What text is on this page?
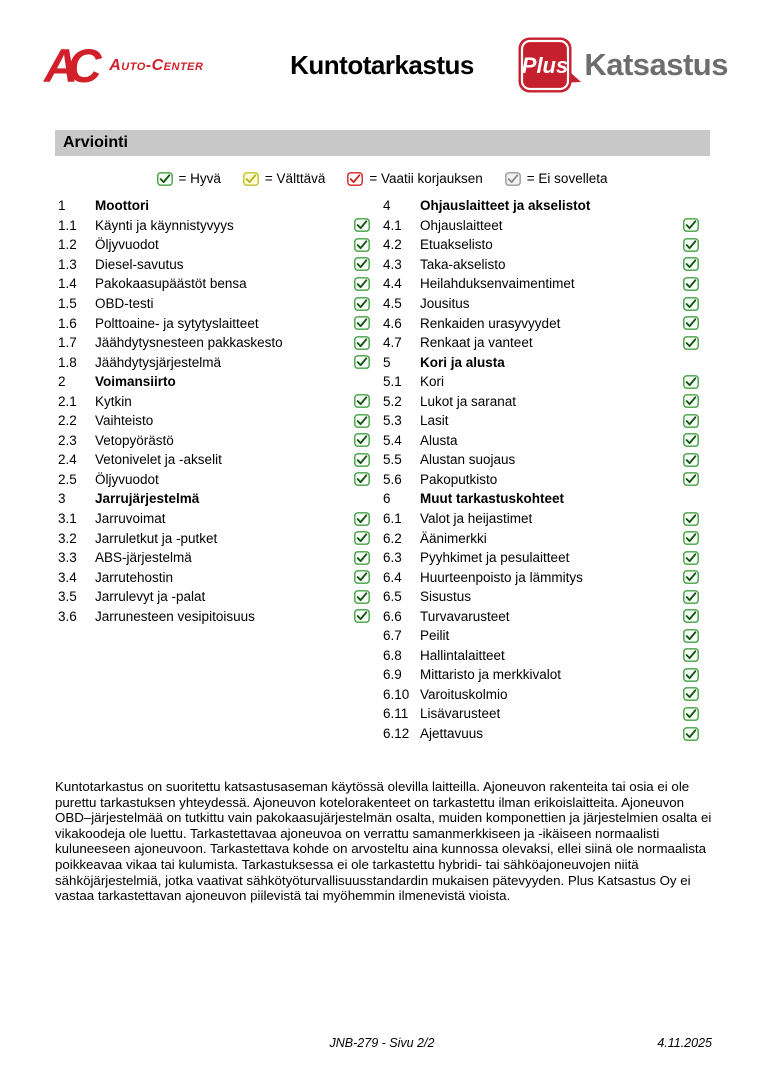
AC	Auto-Center	Kuntotarkastus	Plus Katsastus
Arviointi
= Hyvä	= Välttävä	= Vaatii korjauksen	= Ei sovelleta
1	Moottori
1.1	Käynti ja käynnistyvyys
1.2	Öljyvuodot
1.3	Diesel-savutus
1.4	Pakokaasupäästöt bensa
1.5	OBD-testi
1.6	Polttoaine- ja sytytyslaitteet
1.7	Jäähdytysnesteen pakkaskesto
1.8	Jäähdytysjärjestelmä
2	Voimansiirto
2.1	Kytkin
2.2	Vaihteisto
2.3	Vetopyörästö
2.4	Vetonivelet ja -akselit
2.5	Öljyvuodot
3	Jarrujärjestelmä
3.1	Jarruvoimat
3.2	Jarruletkut ja -putket
3.3	ABS-järjestelmä
3.4	Jarrutehostin
3.5	Jarrulevyt ja -palat
3.6	Jarrunesteen vesipitoisuus
4	Ohjauslaitteet ja akselistot
4.1	Ohjauslaitteet
4.2	Etuakselisto
4.3	Taka-akselisto
4.4	Heilahduksenvaimentimet
4.5	Jousitus
4.6	Renkaiden urasyvyydet
4.7	Renkaat ja vanteet
5	Kori ja alusta
5.1	Kori
5.2	Lukot ja saranat
5.3	Lasit
5.4	Alusta
5.5	Alustan suojaus
5.6	Pakoputkisto
6	Muut tarkastuskohteet
6.1	Valot ja heijastimet
6.2	Äänimerkki
6.3	Pyyhkimet ja pesulaitteet
6.4	Huurteenpoisto ja lämmitys
6.5	Sisustus
6.6	Turvavarusteet
6.7	Peilit
6.8	Hallintalaitteet
6.9	Mittaristo ja merkkivalot
6.10 Varoituskolmio
6.11 Lisävarusteet
6.12 Ajettavuus
Kuntotarkastus on suoritettu katsastusaseman käytössä olevilla laitteilla. Ajoneuvon rakenteita tai osia ei ole purettu tarkastuksen yhteydessä. Ajoneuvon kotelorakenteet on tarkastettu ilman erikoislaitteita. Ajoneuvon OBD–järjestelmää on tutkittu vain pakokaasujärjestelmän osalta, muiden komponettien ja järjestelmien osalta ei vikakoodeja ole luettu. Tarkastettavaa ajoneuvoa on verrattu samanmerkkiseen ja -ikäiseen normaalisti kuluneeseen ajoneuvoon. Tarkastettava kohde on arvosteltu aina kunnossa olevaksi, ellei siinä ole normaalista poikkeavaa vikaa tai kulumista. Tarkastuksessa ei ole tarkastettu hybridi- tai sähköajoneuvojen niitä sähköjärjestelmiä, jotka vaativat sähkötyöturvallisuusstandardin mukaisen pätevyyden. Plus Katsastus Oy ei vastaa tarkastettavan ajoneuvon piilevistä tai myöhemmin ilmenevistä vioista.
JNB-279 - Sivu 2/2	4.11.2025
